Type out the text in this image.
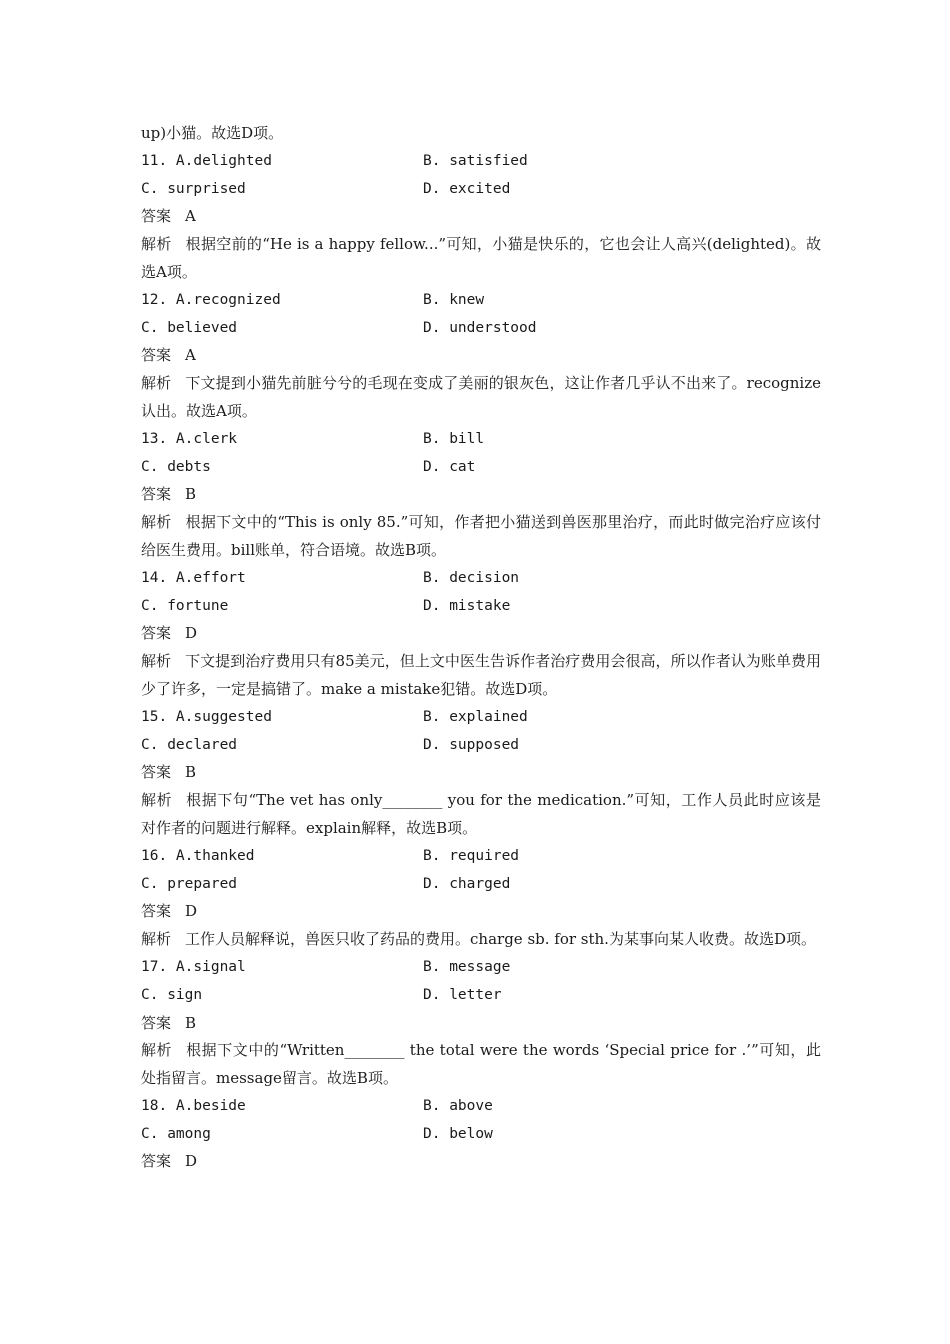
up)小猫。故选D项。
11. A.delighted	B. satisfied
C. surprised	D. excited
答案 A
解析 根据空前的“He is a happy fellow...”可知，小猫是快乐的，它也会让人高兴(delighted)。故选A项。
12. A.recognized	B. knew
C. believed	D. understood
答案 A
解析 下文提到小猫先前脏兮兮的毛现在变成了美丽的银灰色，这让作者几乎认不出来了。recognize认出。故选A项。
13. A.clerk	B. bill
C. debts	D. cat
答案 B
解析 根据下文中的“This is only 85.”可知，作者把小猫送到兽医那里治疗，而此时做完治疗应该付给医生费用。bill账单，符合语境。故选B项。
14. A.effort	B. decision
C. fortune	D. mistake
答案 D
解析 下文提到治疗费用只有85美元，但上文中医生告诉作者治疗费用会很高，所以作者认为账单费用少了许多，一定是搞错了。make a mistake犯错。故选D项。
15. A.suggested	B. explained
C. declared	D. supposed
答案 B
解析 根据下句“The vet has only________ you for the medication.”可知，工作人员此时应该是对作者的问题进行解释。explain解释，故选B项。
16. A.thanked	B. required
C. prepared	D. charged
答案 D
解析 工作人员解释说，兽医只收了药品的费用。charge sb. for sth.为某事向某人收费。故选D项。
17. A.signal	B. message
C. sign	D. letter
答案 B
解析 根据下文中的“Written________ the total were the words ‘Special price for .’”可知，此处指留言。message留言。故选B项。
18. A.beside	B. above
C. among	D. below
答案 D
